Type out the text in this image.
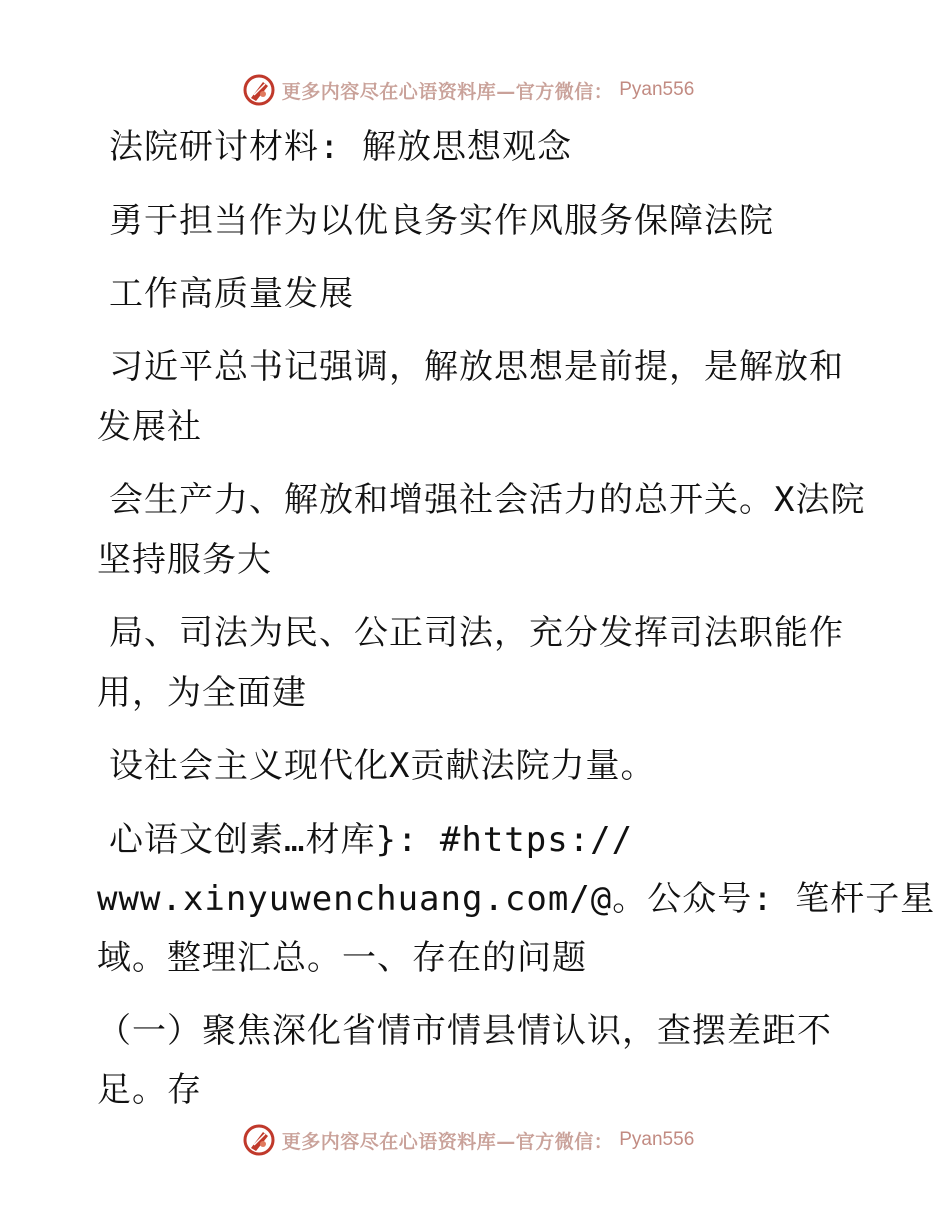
更多内容尽在心语资料库—官方微信： Pyan556
法院研讨材料: 解放思想观念
勇于担当作为以优良务实作风服务保障法院
工作高质量发展
习近平总书记强调，解放思想是前提，是解放和
发展社
会生产力、解放和增强社会活力的总开关。X法院
坚持服务大
局、司法为民、公正司法，充分发挥司法职能作
用，为全面建
设社会主义现代化X贡献法院力量。
心语文创素…材库}: #https://
www.xinyuwenchuang.com/@。公众号: 笔杆子星
域。整理汇总。一、存在的问题
（一）聚焦深化省情市情县情认识，查摆差距不
足。存
更多内容尽在心语资料库—官方微信： Pyan556
